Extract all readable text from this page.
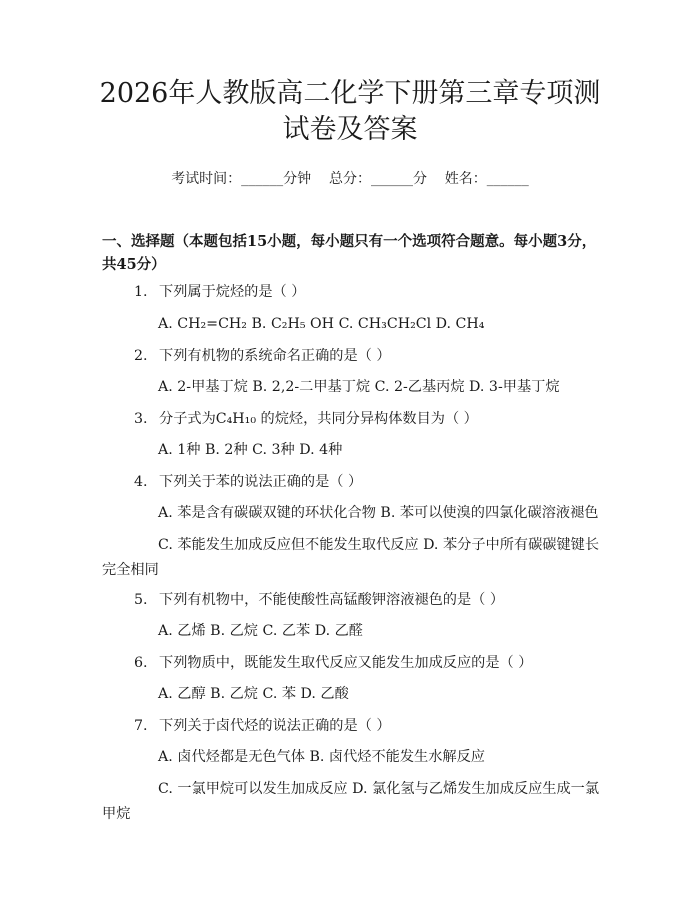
2026年人教版高二化学下册第三章专项测试卷及答案
考试时间：______分钟    总分：______分    姓名：______
一、选择题（本题包括15小题，每小题只有一个选项符合题意。每小题3分，共45分）
1. 下列属于烷烃的是（ ）
A. CH₂=CH₂ B. C₂H₅ OH C. CH₃CH₂Cl D. CH₄
2. 下列有机物的系统命名正确的是（ ）
A. 2-甲基丁烷 B. 2,2-二甲基丁烷 C. 2-乙基丙烷 D. 3-甲基丁烷
3. 分子式为C₄H₁₀ 的烷烃，共同分异构体数目为（ ）
A. 1种 B. 2种 C. 3种 D. 4种
4. 下列关于苯的说法正确的是（ ）
A. 苯是含有碳碳双键的环状化合物 B. 苯可以使溴的四氯化碳溶液褪色
C. 苯能发生加成反应但不能发生取代反应 D. 苯分子中所有碳碳键键长
完全相同
5. 下列有机物中，不能使酸性高锰酸钾溶液褪色的是（ ）
A. 乙烯 B. 乙烷 C. 乙苯 D. 乙醛
6. 下列物质中，既能发生取代反应又能发生加成反应的是（ ）
A. 乙醇 B. 乙烷 C. 苯 D. 乙酸
7. 下列关于卤代烃的说法正确的是（ ）
A. 卤代烃都是无色气体 B. 卤代烃不能发生水解反应
C. 一氯甲烷可以发生加成反应 D. 氯化氢与乙烯发生加成反应生成一氯
甲烷
